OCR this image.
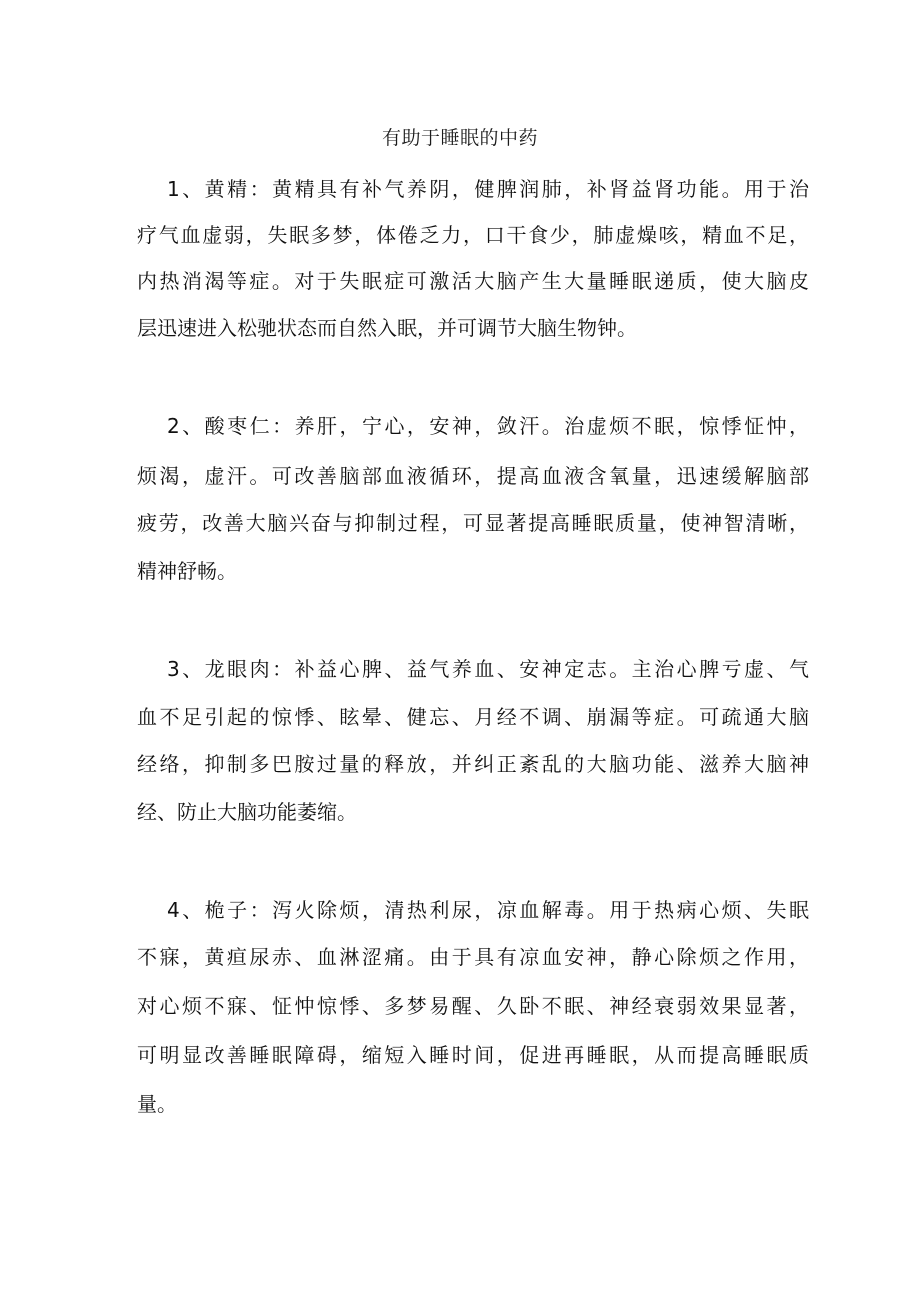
有助于睡眠的中药
1、黄精：黄精具有补气养阴，健脾润肺，补肾益肾功能。用于治
疗气血虚弱，失眠多梦，体倦乏力，口干食少，肺虚燥咳，精血不足，
内热消渴等症。对于失眠症可激活大脑产生大量睡眠递质，使大脑皮
层迅速进入松驰状态而自然入眠，并可调节大脑生物钟。
2、酸枣仁：养肝，宁心，安神，敛汗。治虚烦不眠，惊悸怔忡，
烦渴，虚汗。可改善脑部血液循环，提高血液含氧量，迅速缓解脑部
疲劳，改善大脑兴奋与抑制过程，可显著提高睡眠质量，使神智清晰，
精神舒畅。
3、龙眼肉：补益心脾、益气养血、安神定志。主治心脾亏虚、气
血不足引起的惊悸、眩晕、健忘、月经不调、崩漏等症。可疏通大脑
经络，抑制多巴胺过量的释放，并纠正紊乱的大脑功能、滋养大脑神
经、防止大脑功能萎缩。
4、桅子：泻火除烦，清热利尿，凉血解毒。用于热病心烦、失眠
不寐，黄疸尿赤、血淋涩痛。由于具有凉血安神，静心除烦之作用，
对心烦不寐、怔忡惊悸、多梦易醒、久卧不眠、神经衰弱效果显著，
可明显改善睡眠障碍，缩短入睡时间，促进再睡眠，从而提高睡眠质
量。
